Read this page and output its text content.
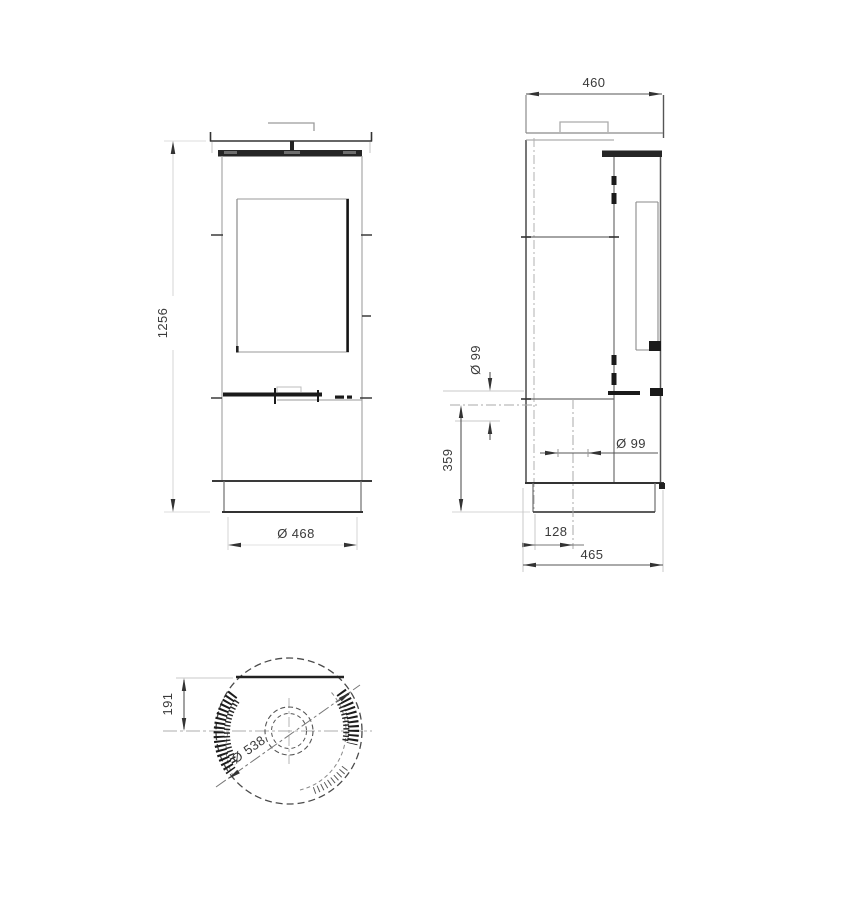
1256
Ø 468
460
Ø 99
359
Ø 99
128
465
Ø 538
191
